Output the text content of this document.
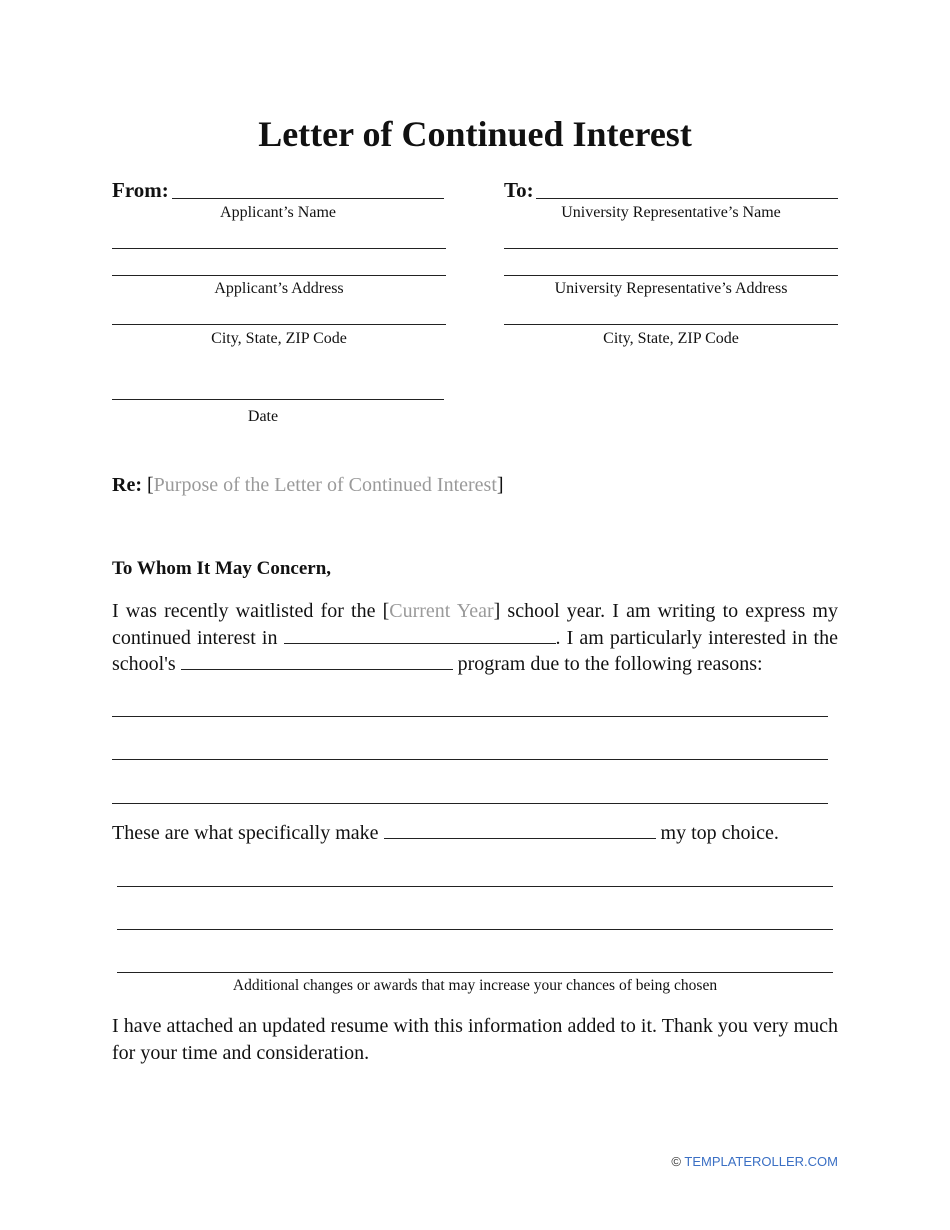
Letter of Continued Interest
From:
Applicant’s Name
Applicant’s Address
City, State, ZIP Code
Date
To:
University Representative’s Name
University Representative’s Address
City, State, ZIP Code
Re: [Purpose of the Letter of Continued Interest]
To Whom It May Concern,
I was recently waitlisted for the [Current Year] school year. I am writing to express my continued interest in	. I am particularly interested in the school's	program due to the following reasons:
These are what specifically make	my top choice.
Additional changes or awards that may increase your chances of being chosen
I have attached an updated resume with this information added to it. Thank you very much for your time and consideration.
© TEMPLATEROLLER.COM
